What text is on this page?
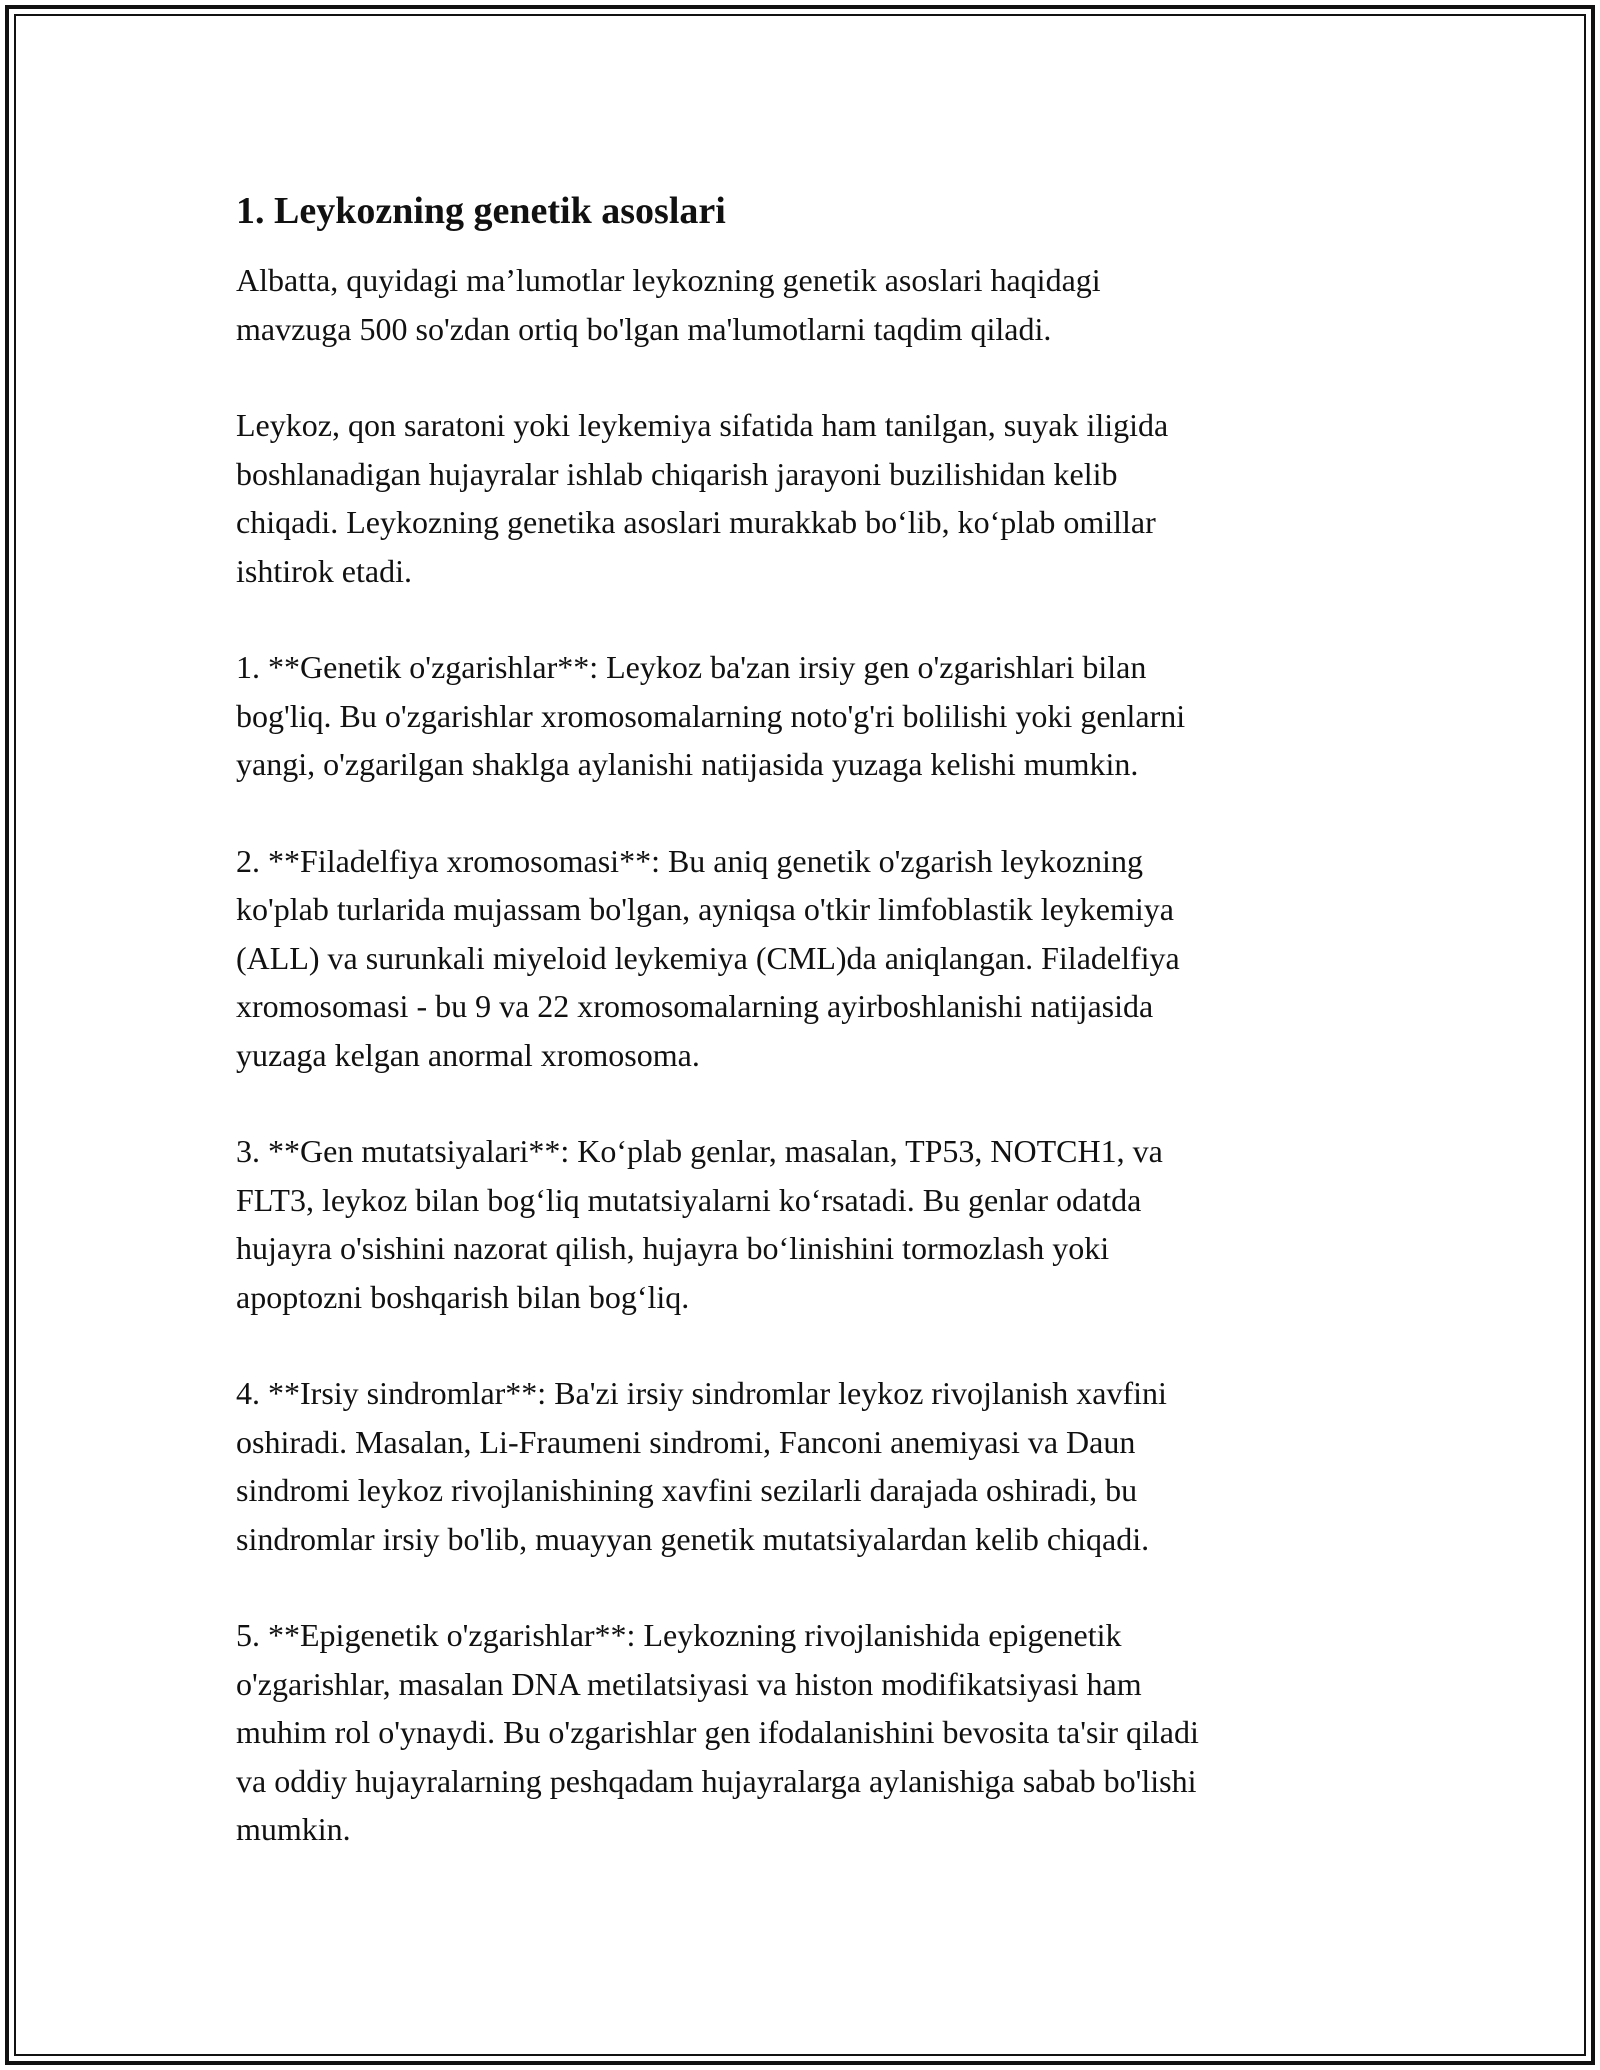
1. Leykozning genetik asoslari

Albatta, quyidagi ma’lumotlar leykozning genetik asoslari haqidagi
mavzuga 500 so'zdan ortiq bo'lgan ma'lumotlarni taqdim qiladi.

Leykoz, qon saratoni yoki leykemiya sifatida ham tanilgan, suyak iligida
boshlanadigan hujayralar ishlab chiqarish jarayoni buzilishidan kelib
chiqadi. Leykozning genetika asoslari murakkab bo‘lib, ko‘plab omillar
ishtirok etadi.

1. **Genetik o'zgarishlar**: Leykoz ba'zan irsiy gen o'zgarishlari bilan
bog'liq. Bu o'zgarishlar xromosomalarning noto'g'ri bolilishi yoki genlarni
yangi, o'zgarilgan shaklga aylanishi natijasida yuzaga kelishi mumkin.

2. **Filadelfiya xromosomasi**: Bu aniq genetik o'zgarish leykozning
ko'plab turlarida mujassam bo'lgan, ayniqsa o'tkir limfoblastik leykemiya
(ALL) va surunkali miyeloid leykemiya (CML)da aniqlangan. Filadelfiya
xromosomasi - bu 9 va 22 xromosomalarning ayirboshlanishi natijasida
yuzaga kelgan anormal xromosoma.

3. **Gen mutatsiyalari**: Ko‘plab genlar, masalan, TP53, NOTCH1, va
FLT3, leykoz bilan bog‘liq mutatsiyalarni ko‘rsatadi. Bu genlar odatda
hujayra o'sishini nazorat qilish, hujayra bo‘linishini tormozlash yoki
apoptozni boshqarish bilan bog‘liq.

4. **Irsiy sindromlar**: Ba'zi irsiy sindromlar leykoz rivojlanish xavfini
oshiradi. Masalan, Li-Fraumeni sindromi, Fanconi anemiyasi va Daun
sindromi leykoz rivojlanishining xavfini sezilarli darajada oshiradi, bu
sindromlar irsiy bo'lib, muayyan genetik mutatsiyalardan kelib chiqadi.

5. **Epigenetik o'zgarishlar**: Leykozning rivojlanishida epigenetik
o'zgarishlar, masalan DNA metilatsiyasi va histon modifikatsiyasi ham
muhim rol o'ynaydi. Bu o'zgarishlar gen ifodalanishini bevosita ta'sir qiladi
va oddiy hujayralarning peshqadam hujayralarga aylanishiga sabab bo'lishi
mumkin.
